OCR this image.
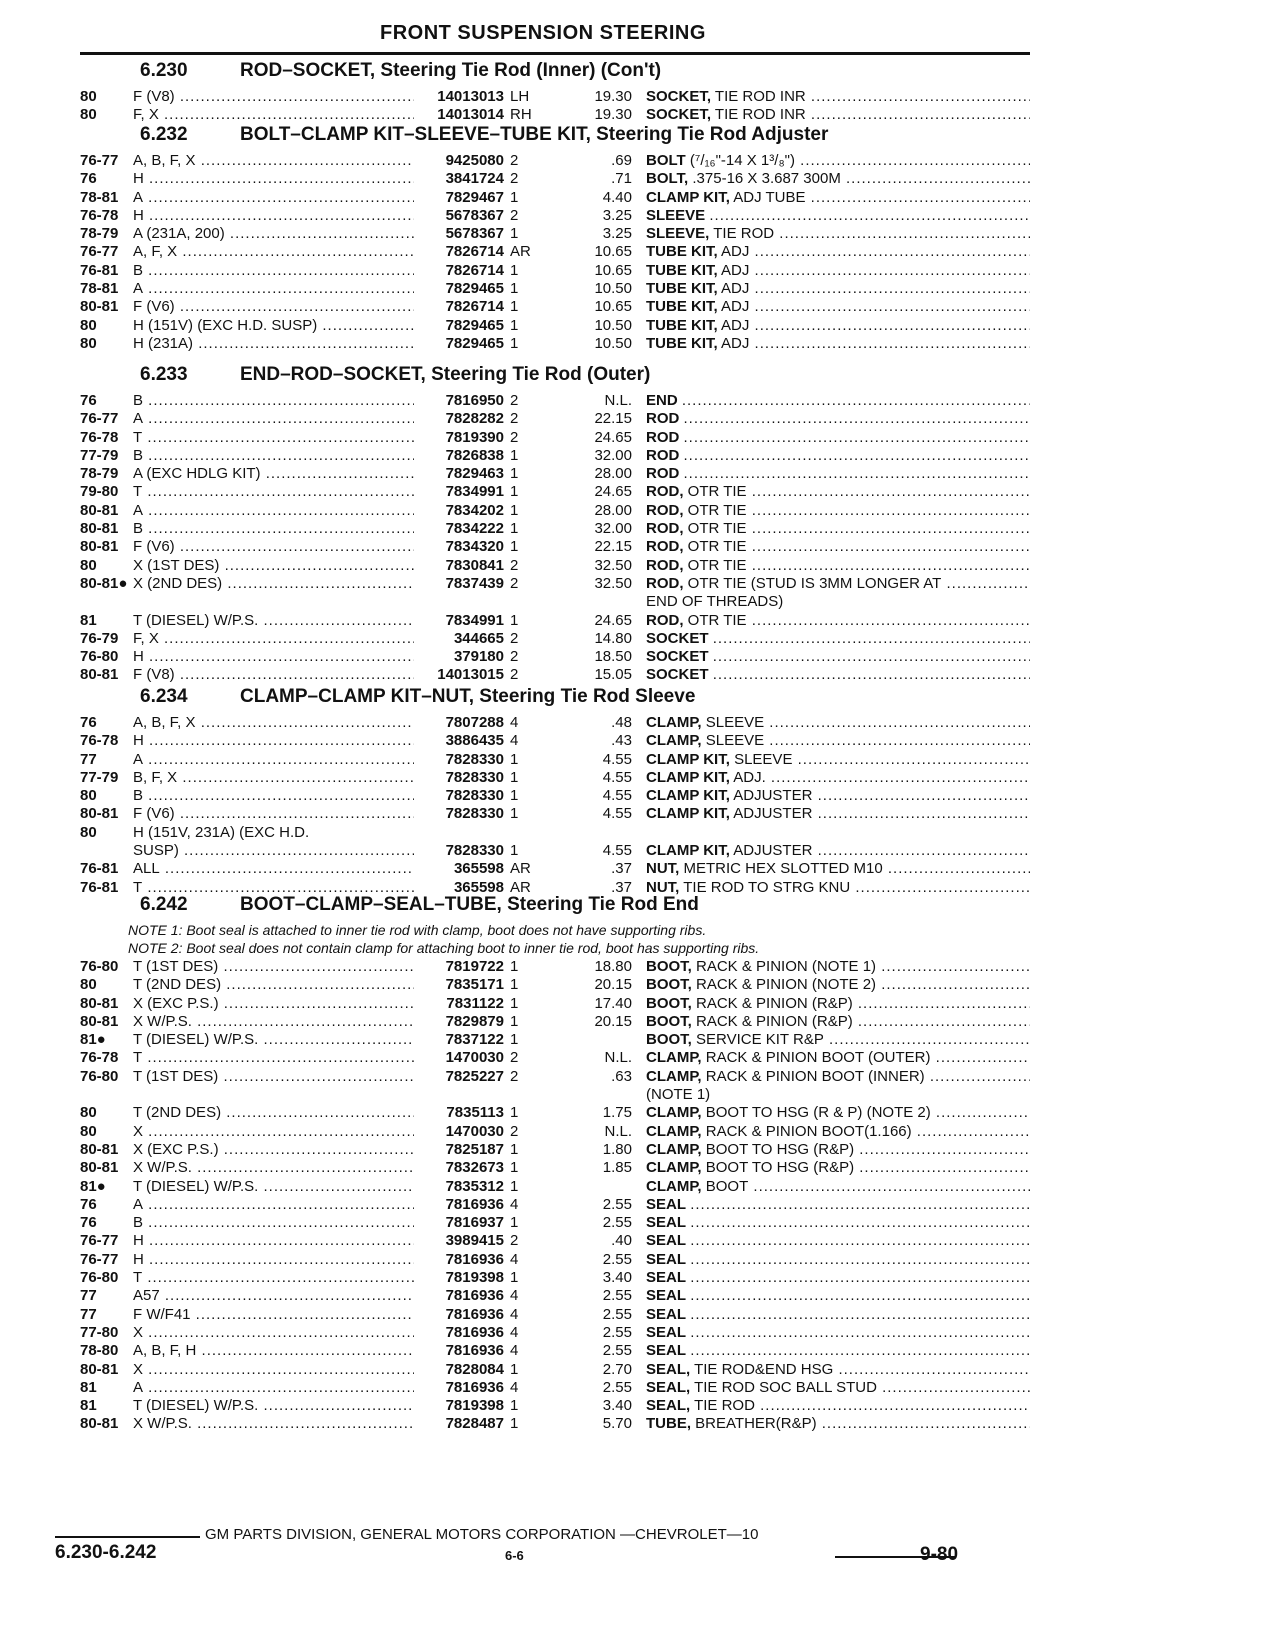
FRONT SUSPENSION STEERING
6.230	ROD–SOCKET, Steering Tie Rod (Inner) (Con't)
80	F (V8) .....	14013013 LH	19.30 SOCKET, TIE ROD INR .....
80	F, X .....	14013014 RH	19.30 SOCKET, TIE ROD INR .....
6.232	BOLT–CLAMP KIT–SLEEVE–TUBE KIT, Steering Tie Rod Adjuster
76-77 A, B, F, X .....	9425080 2	.69 BOLT (⁷/₁₆"-14 X 1³/₈") .....
76	H .....	3841724 2	.71 BOLT, .375-16 X 3.687 300M .....
78-81 A .....	7829467 1	4.40 CLAMP KIT, ADJ TUBE .....
76-78 H .....	5678367 2	3.25 SLEEVE .....
78-79 A (231A, 200) .....	5678367 1	3.25 SLEEVE, TIE ROD .....
76-77 A, F, X .....	7826714 AR	10.65 TUBE KIT, ADJ .....
76-81 B .....	7826714 1	10.65 TUBE KIT, ADJ .....
78-81 A .....	7829465 1	10.50 TUBE KIT, ADJ .....
80-81 F (V6) .....	7826714 1	10.65 TUBE KIT, ADJ .....
80	H (151V) (EXC H.D. SUSP) .....	7829465 1	10.50 TUBE KIT, ADJ .....
80	H (231A) .....	7829465 1	10.50 TUBE KIT, ADJ .....
6.233	END–ROD–SOCKET, Steering Tie Rod (Outer)
76	B .....	7816950 2	N.L. END .....
76-77 A .....	7828282 2	22.15 ROD .....
76-78 T .....	7819390 2	24.65 ROD .....
77-79 B .....	7826838 1	32.00 ROD .....
78-79 A (EXC HDLG KIT) .....	7829463 1	28.00 ROD .....
79-80 T .....	7834991 1	24.65 ROD, OTR TIE .....
80-81 A .....	7834202 1	28.00 ROD, OTR TIE .....
80-81 B .....	7834222 1	32.00 ROD, OTR TIE .....
80-81 F (V6) .....	7834320 1	22.15 ROD, OTR TIE .....
80	X (1ST DES) .....	7830841 2	32.50 ROD, OTR TIE .....
80-81● X (2ND DES) .....	7837439 2	32.50 ROD, OTR TIE (STUD IS 3MM LONGER AT .....
END OF THREADS)
81	T (DIESEL) W/P.S. .....	7834991 1	24.65 ROD, OTR TIE .....
76-79 F, X .....	344665 2	14.80 SOCKET .....
76-80 H .....	379180 2	18.50 SOCKET .....
80-81 F (V8) .....	14013015 2	15.05 SOCKET .....
6.234	CLAMP–CLAMP KIT–NUT, Steering Tie Rod Sleeve
76	A, B, F, X .....	7807288 4	.48 CLAMP, SLEEVE .....
76-78 H .....	3886435 4	.43 CLAMP, SLEEVE .....
77	A .....	7828330 1	4.55 CLAMP KIT, SLEEVE .....
77-79 B, F, X .....	7828330 1	4.55 CLAMP KIT, ADJ. .....
80	B .....	7828330 1	4.55 CLAMP KIT, ADJUSTER .....
80-81 F (V6) .....	7828330 1	4.55 CLAMP KIT, ADJUSTER .....
80	H (151V, 231A) (EXC H.D.
SUSP) .....	7828330 1	4.55 CLAMP KIT, ADJUSTER .....
76-81 ALL .....	365598 AR	.37 NUT, METRIC HEX SLOTTED M10 .....
76-81 T .....	365598 AR	.37 NUT, TIE ROD TO STRG KNU .....
6.242	BOOT–CLAMP–SEAL–TUBE, Steering Tie Rod End
NOTE 1: Boot seal is attached to inner tie rod with clamp, boot does not have supporting ribs.
NOTE 2: Boot seal does not contain clamp for attaching boot to inner tie rod, boot has supporting ribs.
76-80 T (1ST DES) .....	7819722 1	18.80 BOOT, RACK & PINION (NOTE 1) .....
80	T (2ND DES) .....	7835171 1	20.15 BOOT, RACK & PINION (NOTE 2) .....
80-81 X (EXC P.S.) .....	7831122 1	17.40 BOOT, RACK & PINION (R&P) .....
80-81 X W/P.S. .....	7829879 1	20.15 BOOT, RACK & PINION (R&P) .....
81●	T (DIESEL) W/P.S. .....	7837122 1	BOOT, SERVICE KIT R&P .....
76-78 T .....	1470030 2	N.L. CLAMP, RACK & PINION BOOT (OUTER) .....
76-80 T (1ST DES) .....	7825227 2	.63 CLAMP, RACK & PINION BOOT (INNER) .....
(NOTE 1)
80	T (2ND DES) .....	7835113 1	1.75 CLAMP, BOOT TO HSG (R & P) (NOTE 2) .....
80	X .....	1470030 2	N.L. CLAMP, RACK & PINION BOOT(1.166) .....
80-81 X (EXC P.S.) .....	7825187 1	1.80 CLAMP, BOOT TO HSG (R&P) .....
80-81 X W/P.S. .....	7832673 1	1.85 CLAMP, BOOT TO HSG (R&P) .....
81●	T (DIESEL) W/P.S. .....	7835312 1	CLAMP, BOOT .....
76	A .....	7816936 4	2.55 SEAL .....
76	B .....	7816937 1	2.55 SEAL .....
76-77 H .....	3989415 2	.40 SEAL .....
76-77 H .....	7816936 4	2.55 SEAL .....
76-80 T .....	7819398 1	3.40 SEAL .....
77	A57 .....	7816936 4	2.55 SEAL .....
77	F W/F41 .....	7816936 4	2.55 SEAL .....
77-80 X .....	7816936 4	2.55 SEAL .....
78-80 A, B, F, H .....	7816936 4	2.55 SEAL .....
80-81 X .....	7828084 1	2.70 SEAL, TIE ROD&END HSG .....
81	A .....	7816936 4	2.55 SEAL, TIE ROD SOC BALL STUD .....
81	T (DIESEL) W/P.S. .....	7819398 1	3.40 SEAL, TIE ROD .....
80-81 X W/P.S. .....	7828487 1	5.70 TUBE, BREATHER(R&P) .....
GM PARTS DIVISION, GENERAL MOTORS CORPORATION —CHEVROLET—10
6.230-6.242	6-6	9-80
